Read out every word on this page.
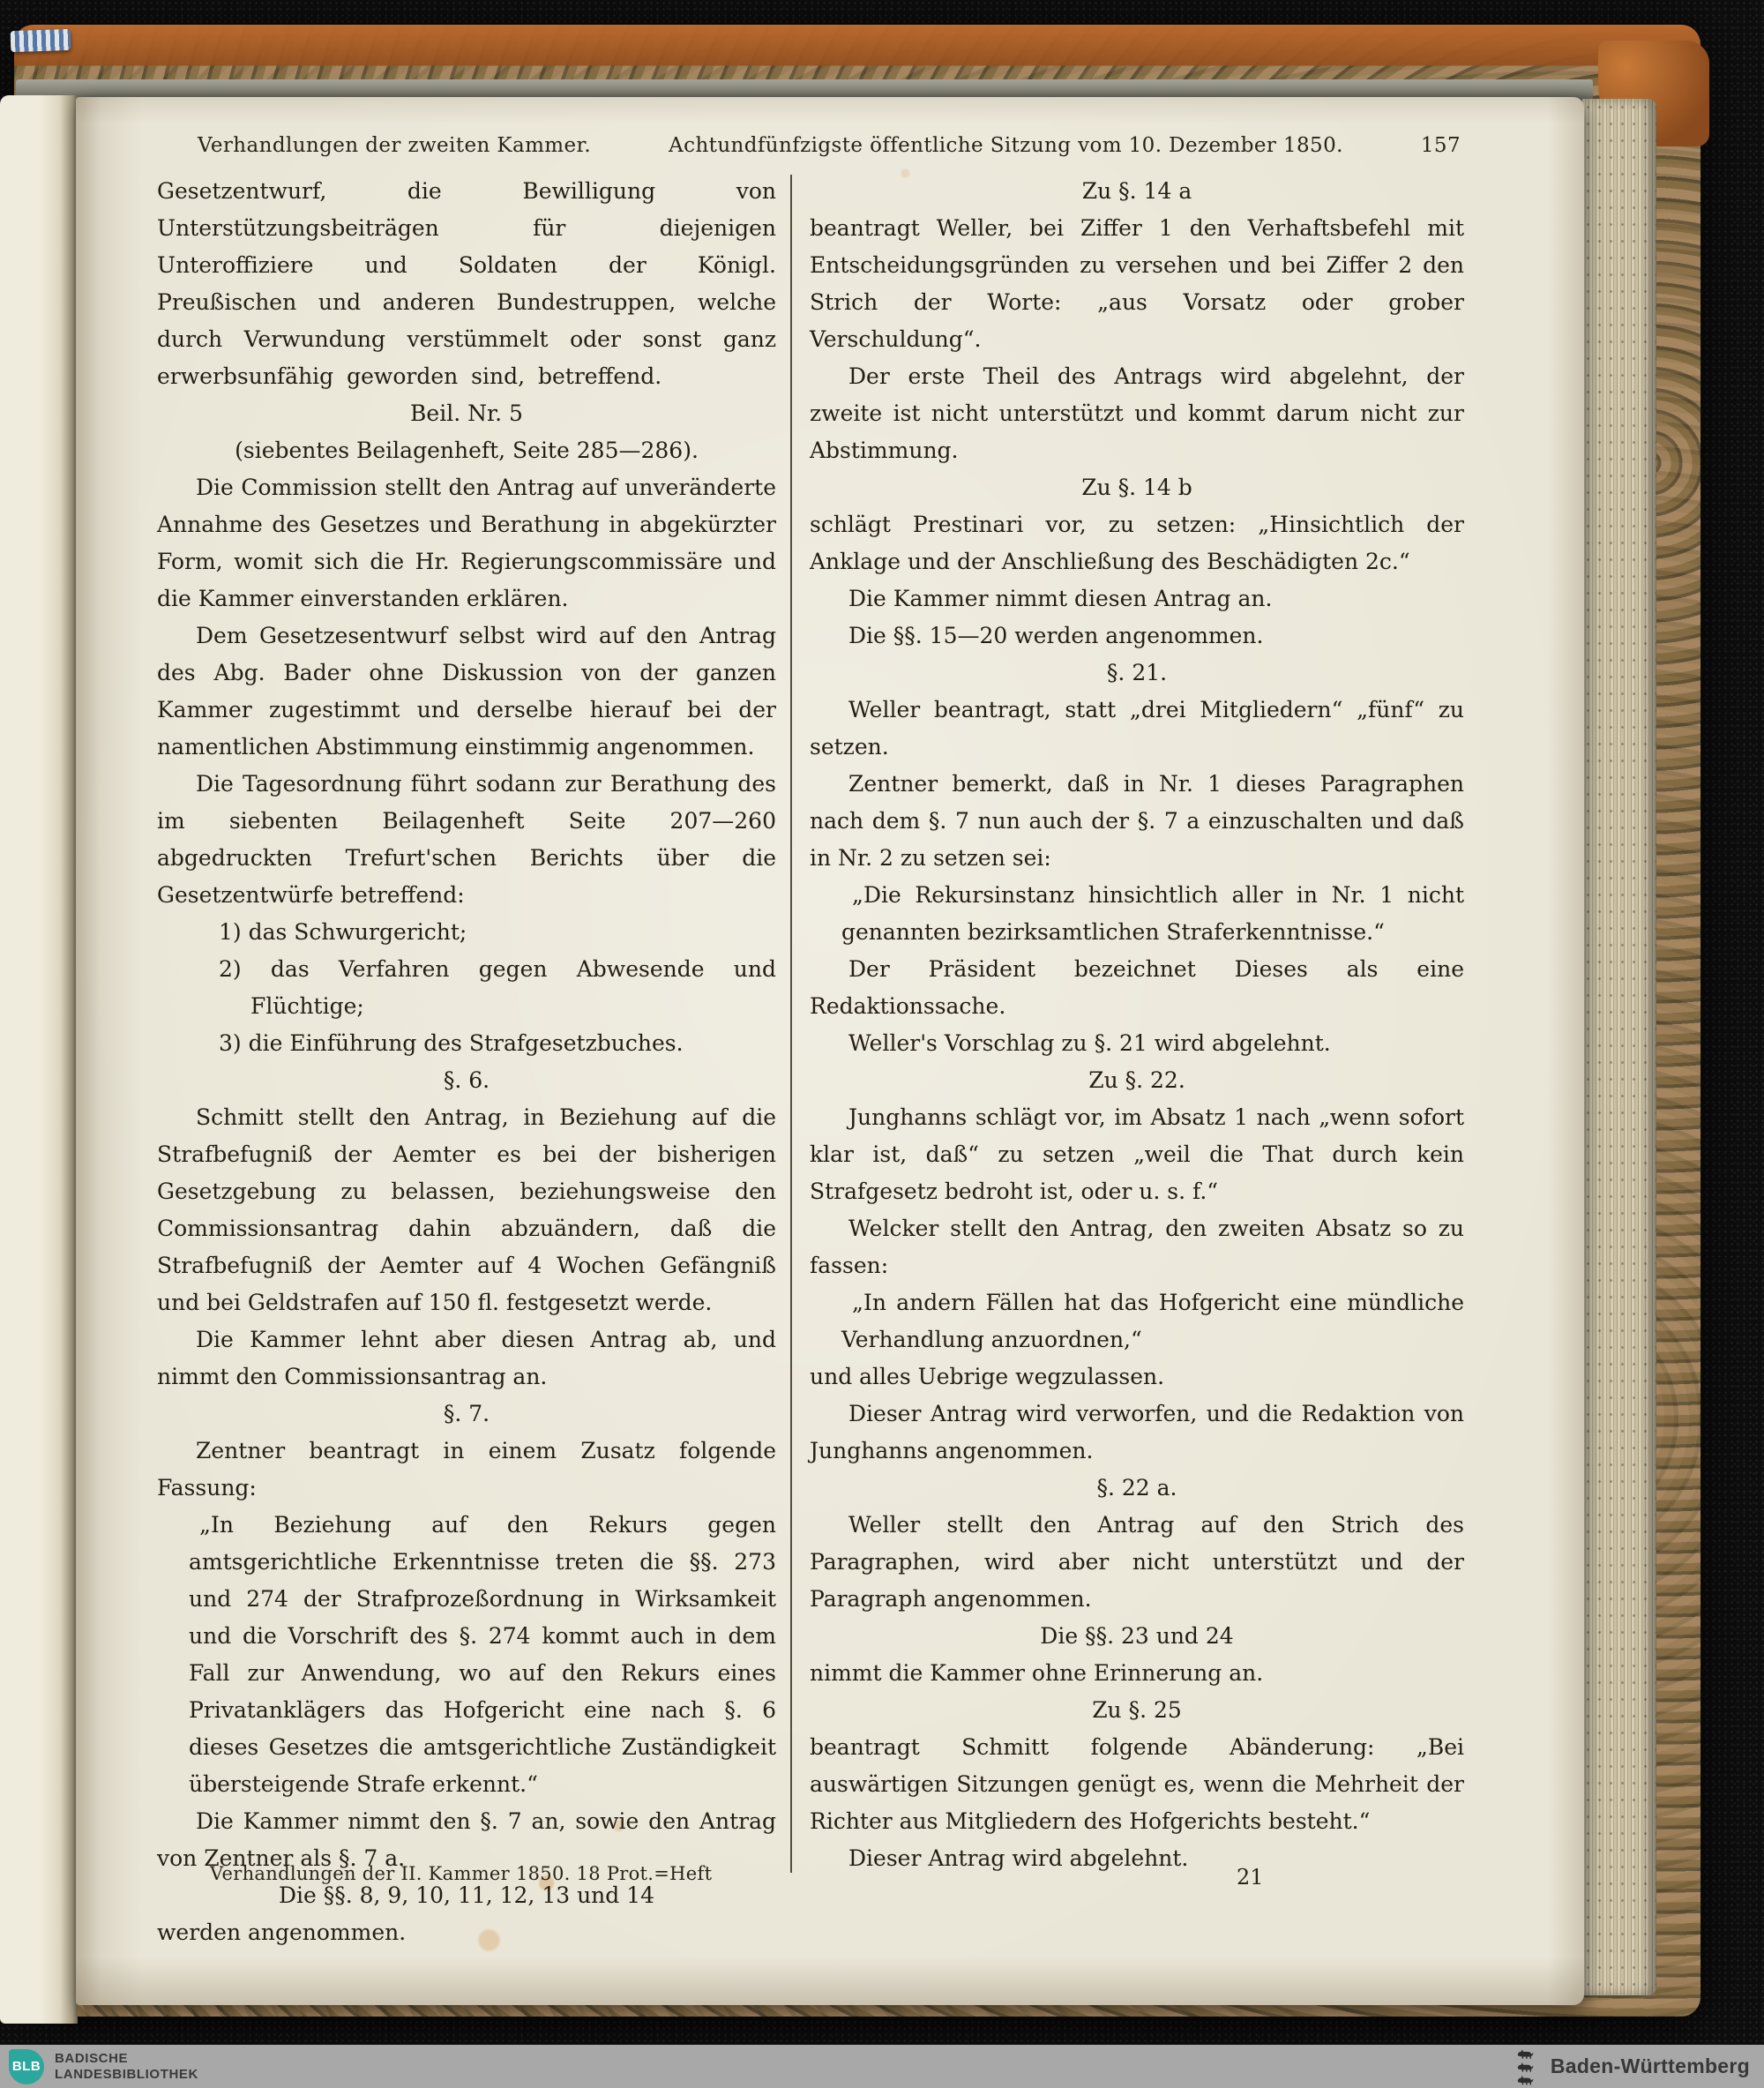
Verhandlungen der zweiten Kammer.	Achtundfünfzigste öffentliche Sitzung vom 10. Dezember 1850.	157

Gesetzentwurf, die Bewilligung von Unterstützungsbeiträgen für diejenigen Unteroffiziere und Soldaten der Königl. Preußischen und anderen Bundestruppen, welche durch Verwundung verstümmelt oder sonst ganz erwerbsunfähig geworden sind, betreffend.

Beil. Nr. 5

(siebentes Beilagenheft, Seite 285—286).

Die Commission stellt den Antrag auf unveränderte Annahme des Gesetzes und Berathung in abgekürzter Form, womit sich die Hr. Regierungscommissäre und die Kammer einverstanden erklären.

Dem Gesetzesentwurf selbst wird auf den Antrag des Abg. Bader ohne Diskussion von der ganzen Kammer zugestimmt und derselbe hierauf bei der namentlichen Abstimmung einstimmig angenommen.

Die Tagesordnung führt sodann zur Berathung des im siebenten Beilagenheft Seite 207—260 abgedruckten Trefurt'schen Berichts über die Gesetzentwürfe betreffend:

1) das Schwurgericht;

2) das Verfahren gegen Abwesende und Flüchtige;

3) die Einführung des Strafgesetzbuches.

§. 6.

Schmitt stellt den Antrag, in Beziehung auf die Strafbefugniß der Aemter es bei der bisherigen Gesetzgebung zu belassen, beziehungsweise den Commissionsantrag dahin abzuändern, daß die Strafbefugniß der Aemter auf 4 Wochen Gefängniß und bei Geldstrafen auf 150 fl. festgesetzt werde.

Die Kammer lehnt aber diesen Antrag ab, und nimmt den Commissionsantrag an.

§. 7.

Zentner beantragt in einem Zusatz folgende Fassung:

„In Beziehung auf den Rekurs gegen amtsgerichtliche Erkenntnisse treten die §§. 273 und 274 der Strafprozeßordnung in Wirksamkeit und die Vorschrift des §. 274 kommt auch in dem Fall zur Anwendung, wo auf den Rekurs eines Privatanklägers das Hofgericht eine nach §. 6 dieses Gesetzes die amtsgerichtliche Zuständigkeit übersteigende Strafe erkennt.“

Die Kammer nimmt den §. 7 an, sowie den Antrag von Zentner als §. 7 a.

Die §§. 8, 9, 10, 11, 12, 13 und 14

werden angenommen.

Zu §. 14 a

beantragt Weller, bei Ziffer 1 den Verhaftsbefehl mit Entscheidungsgründen zu versehen und bei Ziffer 2 den Strich der Worte: „aus Vorsatz oder grober Verschuldung“.

Der erste Theil des Antrags wird abgelehnt, der zweite ist nicht unterstützt und kommt darum nicht zur Abstimmung.

Zu §. 14 b

schlägt Prestinari vor, zu setzen: „Hinsichtlich der Anklage und der Anschließung des Beschädigten 2c.“

Die Kammer nimmt diesen Antrag an.

Die §§. 15—20 werden angenommen.

§. 21.

Weller beantragt, statt „drei Mitgliedern“ „fünf“ zu setzen.

Zentner bemerkt, daß in Nr. 1 dieses Paragraphen nach dem §. 7 nun auch der §. 7 a einzuschalten und daß in Nr. 2 zu setzen sei:

„Die Rekursinstanz hinsichtlich aller in Nr. 1 nicht genannten bezirksamtlichen Straferkenntnisse.“

Der Präsident bezeichnet Dieses als eine Redaktionssache.

Weller's Vorschlag zu §. 21 wird abgelehnt.

Zu §. 22.

Junghanns schlägt vor, im Absatz 1 nach „wenn sofort klar ist, daß“ zu setzen „weil die That durch kein Strafgesetz bedroht ist, oder u. s. f.“

Welcker stellt den Antrag, den zweiten Absatz so zu fassen:

„In andern Fällen hat das Hofgericht eine mündliche Verhandlung anzuordnen,“

und alles Uebrige wegzulassen.

Dieser Antrag wird verworfen, und die Redaktion von Junghanns angenommen.

§. 22 a.

Weller stellt den Antrag auf den Strich des Paragraphen, wird aber nicht unterstützt und der Paragraph angenommen.

Die §§. 23 und 24

nimmt die Kammer ohne Erinnerung an.

Zu §. 25

beantragt Schmitt folgende Abänderung: „Bei auswärtigen Sitzungen genügt es, wenn die Mehrheit der Richter aus Mitgliedern des Hofgerichts besteht.“

Dieser Antrag wird abgelehnt.

Verhandlungen der II. Kammer 1850. 18 Prot.=Heft	21
BLB
BADISCHE
LANDESBIBLIOTHEK	Baden-Württemberg
